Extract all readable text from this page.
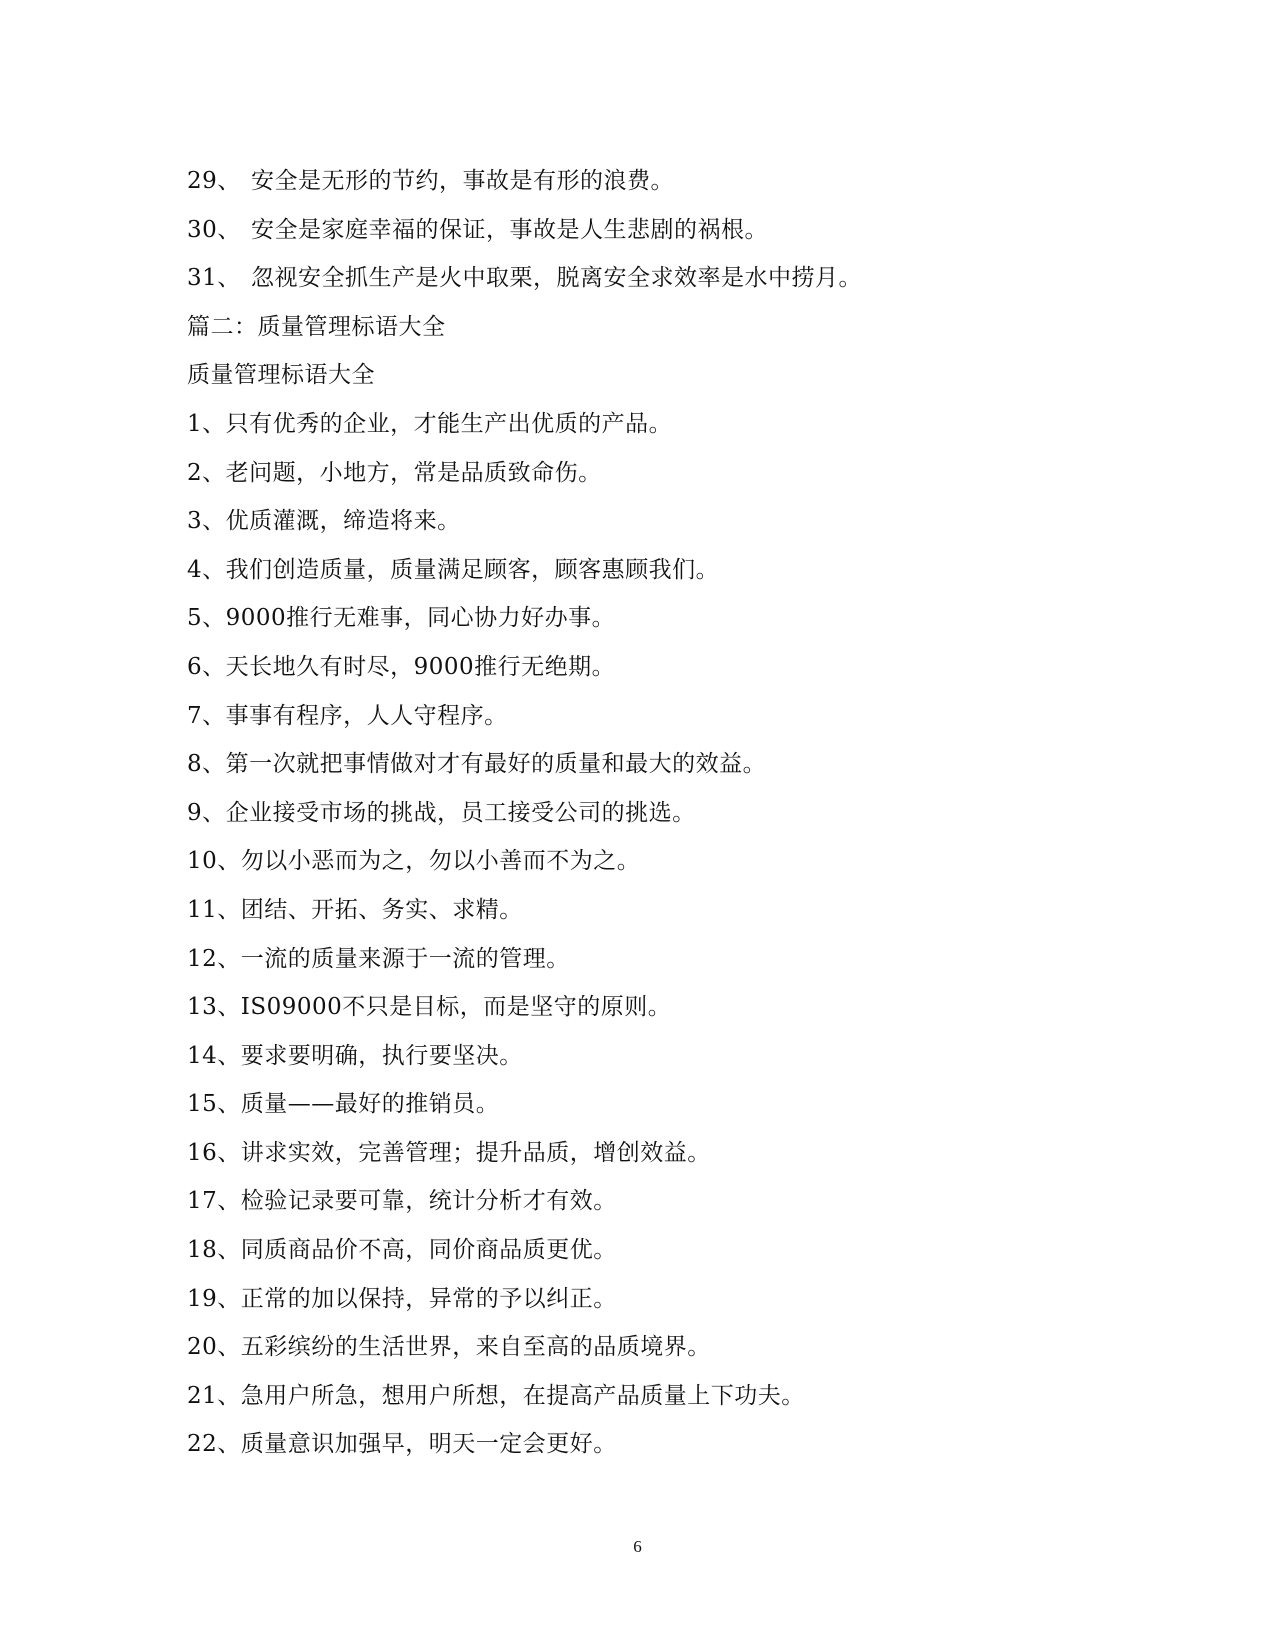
29、 安全是无形的节约，事故是有形的浪费。
30、 安全是家庭幸福的保证，事故是人生悲剧的祸根。
31、 忽视安全抓生产是火中取栗，脱离安全求效率是水中捞月。
篇二：质量管理标语大全
质量管理标语大全
1、只有优秀的企业，才能生产出优质的产品。
2、老问题，小地方，常是品质致命伤。
3、优质灌溉，缔造将来。
4、我们创造质量，质量满足顾客，顾客惠顾我们。
5、9000推行无难事，同心协力好办事。
6、天长地久有时尽，9000推行无绝期。
7、事事有程序，人人守程序。
8、第一次就把事情做对才有最好的质量和最大的效益。
9、企业接受市场的挑战，员工接受公司的挑选。
10、勿以小恶而为之，勿以小善而不为之。
11、团结、开拓、务实、求精。
12、一流的质量来源于一流的管理。
13、IS09000不只是目标，而是坚守的原则。
14、要求要明确，执行要坚决。
15、质量——最好的推销员。
16、讲求实效，完善管理；提升品质，增创效益。
17、检验记录要可靠，统计分析才有效。
18、同质商品价不高，同价商品质更优。
19、正常的加以保持，异常的予以纠正。
20、五彩缤纷的生活世界，来自至高的品质境界。
21、急用户所急，想用户所想，在提高产品质量上下功夫。
22、质量意识加强早，明天一定会更好。
6
